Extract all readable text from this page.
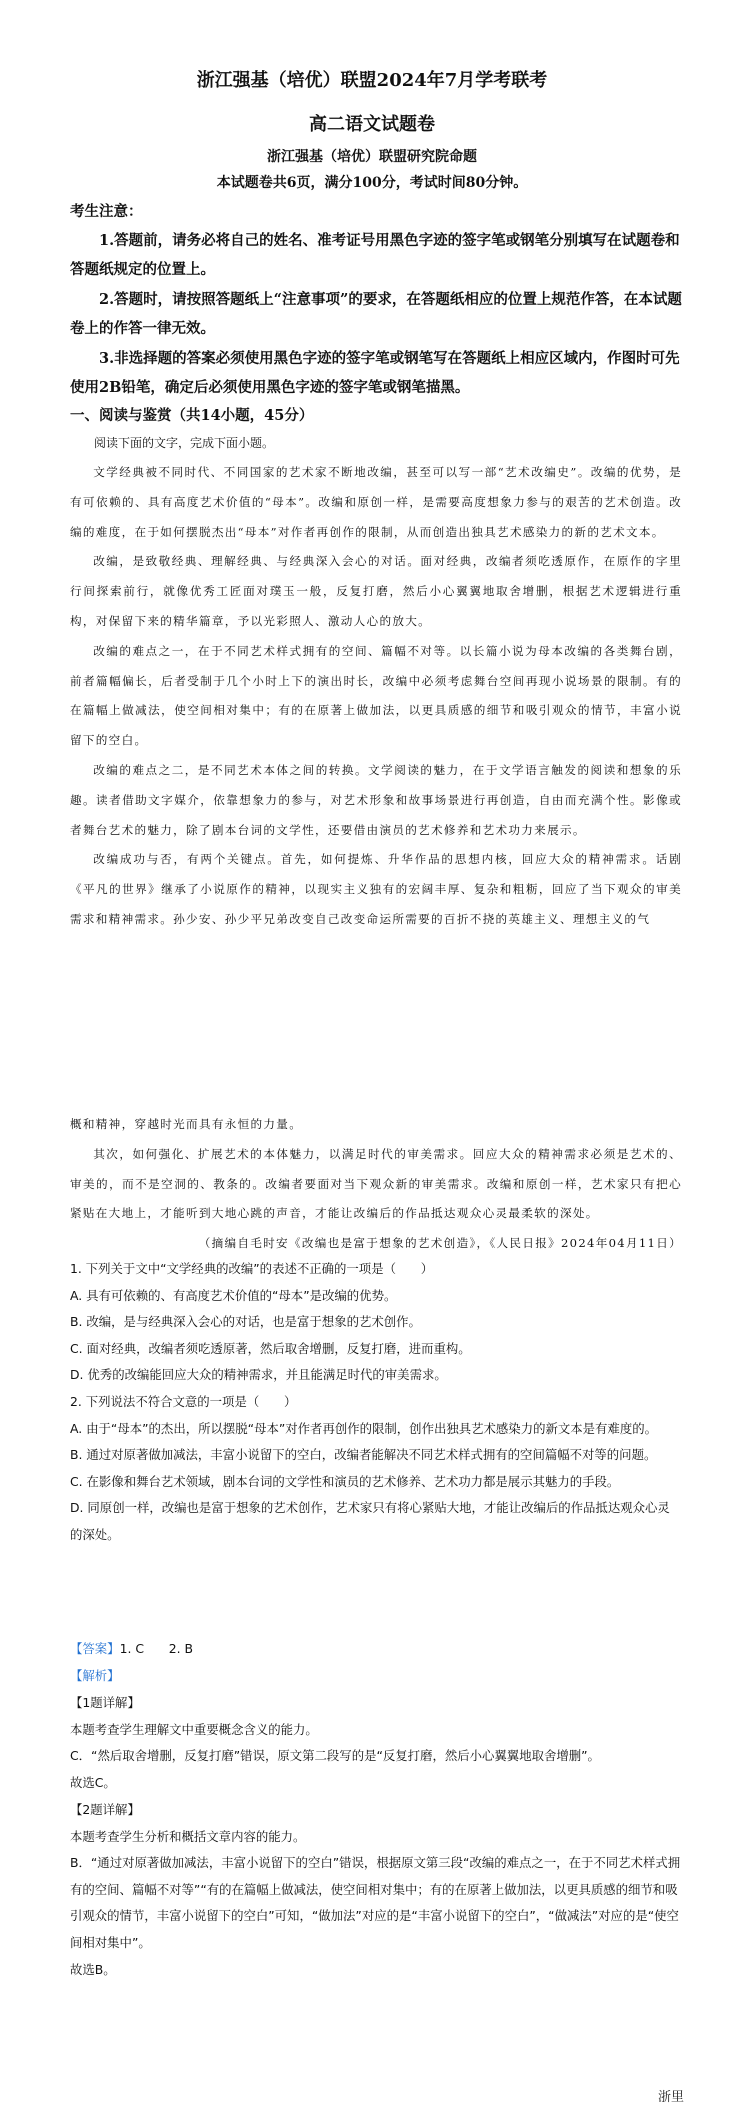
浙江强基（培优）联盟2024年7月学考联考
高二语文试题卷
浙江强基（培优）联盟研究院命题
本试题卷共6页，满分100分，考试时间80分钟。
考生注意：
1.答题前，请务必将自己的姓名、准考证号用黑色字迹的签字笔或钢笔分别填写在试题卷和答题纸规定的位置上。
2.答题时，请按照答题纸上“注意事项”的要求，在答题纸相应的位置上规范作答，在本试题卷上的作答一律无效。
3.非选择题的答案必须使用黑色字迹的签字笔或钢笔写在答题纸上相应区域内，作图时可先使用2B铅笔，确定后必须使用黑色字迹的签字笔或钢笔描黑。
一、阅读与鉴赏（共14小题，45分）
阅读下面的文字，完成下面小题。

文学经典被不同时代、不同国家的艺术家不断地改编，甚至可以写一部“艺术改编史”。改编的优势，是有可依赖的、具有高度艺术价值的“母本”。改编和原创一样，是需要高度想象力参与的艰苦的艺术创造。改编的难度，在于如何摆脱杰出“母本”对作者再创作的限制，从而创造出独具艺术感染力的新的艺术文本。

改编，是致敬经典、理解经典、与经典深入会心的对话。面对经典，改编者须吃透原作，在原作的字里行间探索前行，就像优秀工匠面对璞玉一般，反复打磨，然后小心翼翼地取舍增删，根据艺术逻辑进行重构，对保留下来的精华篇章，予以光彩照人、激动人心的放大。

改编的难点之一，在于不同艺术样式拥有的空间、篇幅不对等。以长篇小说为母本改编的各类舞台剧，前者篇幅偏长，后者受制于几个小时上下的演出时长，改编中必须考虑舞台空间再现小说场景的限制。有的在篇幅上做减法，使空间相对集中；有的在原著上做加法，以更具质感的细节和吸引观众的情节，丰富小说留下的空白。

改编的难点之二，是不同艺术本体之间的转换。文学阅读的魅力，在于文学语言触发的阅读和想象的乐趣。读者借助文字媒介，依靠想象力的参与，对艺术形象和故事场景进行再创造，自由而充满个性。影像或者舞台艺术的魅力，除了剧本台词的文学性，还要借由演员的艺术修养和艺术功力来展示。

改编成功与否，有两个关键点。首先，如何提炼、升华作品的思想内核，回应大众的精神需求。话剧《平凡的世界》继承了小说原作的精神，以现实主义独有的宏阔丰厚、复杂和粗粝，回应了当下观众的审美需求和精神需求。孙少安、孙少平兄弟改变自己改变命运所需要的百折不挠的英雄主义、理想主义的气

概和精神，穿越时光而具有永恒的力量。

其次，如何强化、扩展艺术的本体魅力，以满足时代的审美需求。回应大众的精神需求必须是艺术的、审美的，而不是空洞的、教条的。改编者要面对当下观众新的审美需求。改编和原创一样，艺术家只有把心紧贴在大地上，才能听到大地心跳的声音，才能让改编后的作品抵达观众心灵最柔软的深处。

（摘编自毛时安《改编也是富于想象的艺术创造》，《人民日报》2024年04月11日）

1. 下列关于文中“文学经典的改编”的表述不正确的一项是（　　）
A. 具有可依赖的、有高度艺术价值的“母本”是改编的优势。
B. 改编，是与经典深入会心的对话，也是富于想象的艺术创作。
C. 面对经典，改编者须吃透原著，然后取舍增删，反复打磨，进而重构。
D. 优秀的改编能回应大众的精神需求，并且能满足时代的审美需求。
2. 下列说法不符合文意的一项是（　　）
A. 由于“母本”的杰出，所以摆脱“母本”对作者再创作的限制，创作出独具艺术感染力的新文本是有难度的。
B. 通过对原著做加减法，丰富小说留下的空白，改编者能解决不同艺术样式拥有的空间篇幅不对等的问题。
C. 在影像和舞台艺术领域，剧本台词的文学性和演员的艺术修养、艺术功力都是展示其魅力的手段。
D. 同原创一样，改编也是富于想象的艺术创作，艺术家只有将心紧贴大地，才能让改编后的作品抵达观众心灵的深处。
【答案】1. C　　2. B
【解析】
【1题详解】
本题考查学生理解文中重要概念含义的能力。
C．“然后取舍增删，反复打磨”错误，原文第二段写的是“反复打磨，然后小心翼翼地取舍增删”。
故选C。
【2题详解】
本题考查学生分析和概括文章内容的能力。
B．“通过对原著做加减法，丰富小说留下的空白”错误，根据原文第三段“改编的难点之一，在于不同艺术样式拥有的空间、篇幅不对等”“有的在篇幅上做减法，使空间相对集中；有的在原著上做加法，以更具质感的细节和吸引观众的情节，丰富小说留下的空白”可知，“做加法”对应的是“丰富小说留下的空白”，“做减法”对应的是“使空间相对集中”。
故选B。
浙里
